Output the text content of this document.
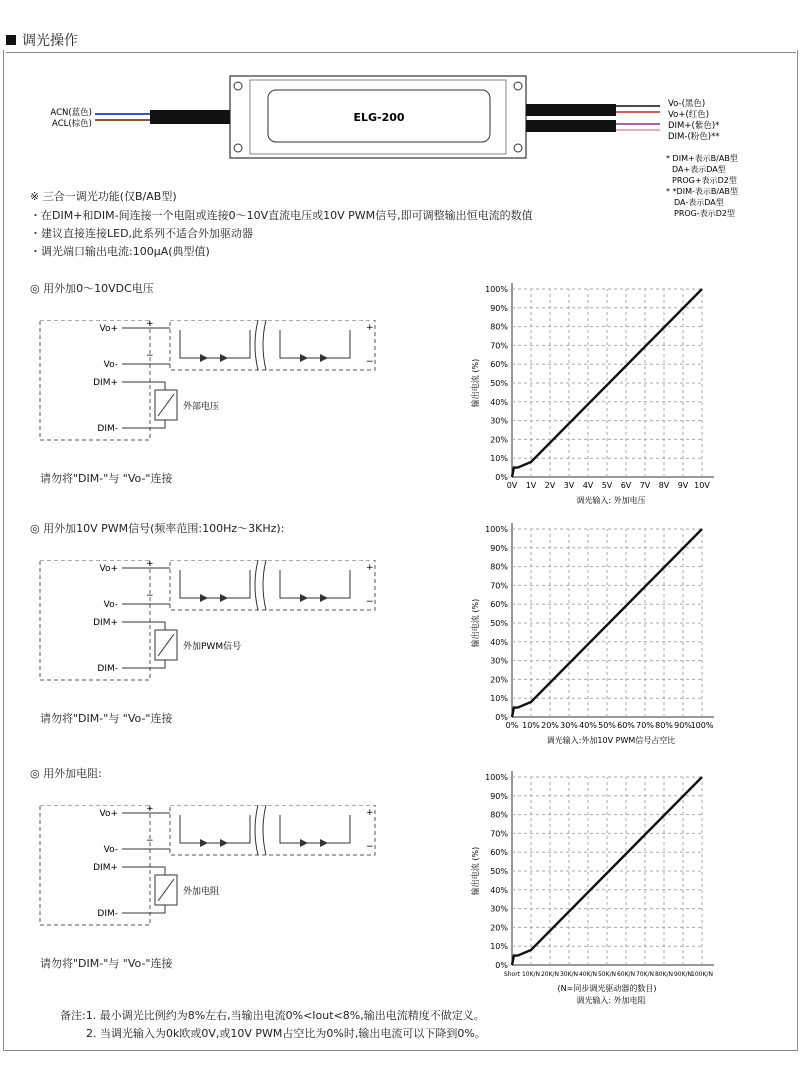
调光操作
ELG-200
ACN(蓝色)
ACL(棕色)
Vo-(黑色)
Vo+(红色)
DIM+(紫色)*
DIM-(粉色)**
* DIM+表示B/AB型
DA+表示DA型
PROG+表示D2型
* *DIM-表示B/AB型
DA-表示DA型
PROG-表示D2型
※ 三合一调光功能(仅B/AB型)
・在DIM+和DIM-间连接一个电阻或连接0～10V直流电压或10V PWM信号,即可调整输出恒电流的数值
・建议直接连接LED,此系列不适合外加驱动器
・调光端口输出电流:100μA(典型值)
◎ 用外加0～10VDC电压
Vo+
Vo-
DIM+
DIM-
+
−
+
−
外部电压
请勿将"DIM-"与 "Vo-"连接
◎ 用外加10V PWM信号(频率范围:100Hz～3KHz):
Vo+
Vo-
DIM+
DIM-
+
−
+
−
外加PWM信号
请勿将"DIM-"与 "Vo-"连接
◎ 用外加电阻:
Vo+
Vo-
DIM+
DIM-
+
−
+
−
外加电阻
请勿将"DIM-"与 "Vo-"连接
0%
10%
20%
30%
40%
50%
60%
70%
80%
90%
100%
0V 1V 2V 3V 4V 5V 6V 7V 8V 9V 10V
输出电流 (%)
调光输入: 外加电压
0%
10%
20%
30%
40%
50%
60%
70%
80%
90%
100%
0% 10% 20% 30% 40% 50% 60% 70% 80% 90%
100%
输出电流 (%)
调光输入:外加10V PWM信号占空比
0%
10%
20%
30%
40%
50%
60%
70%
80%
90%
100%
Short 10K/N 20K/N 30K/N 40K/N 50K/N 60K/N 70K/N 80K/N 90K/N 100K/N
输出电流 (%)
调光输入: 外加电阻
(N=同步调光驱动器的数目)
备注:1. 最小调光比例约为8%左右,当输出电流0%<Iout<8%,输出电流精度不做定义。
2. 当调光输入为0k欧或0V,或10V PWM占空比为0%时,输出电流可以下降到0%。
